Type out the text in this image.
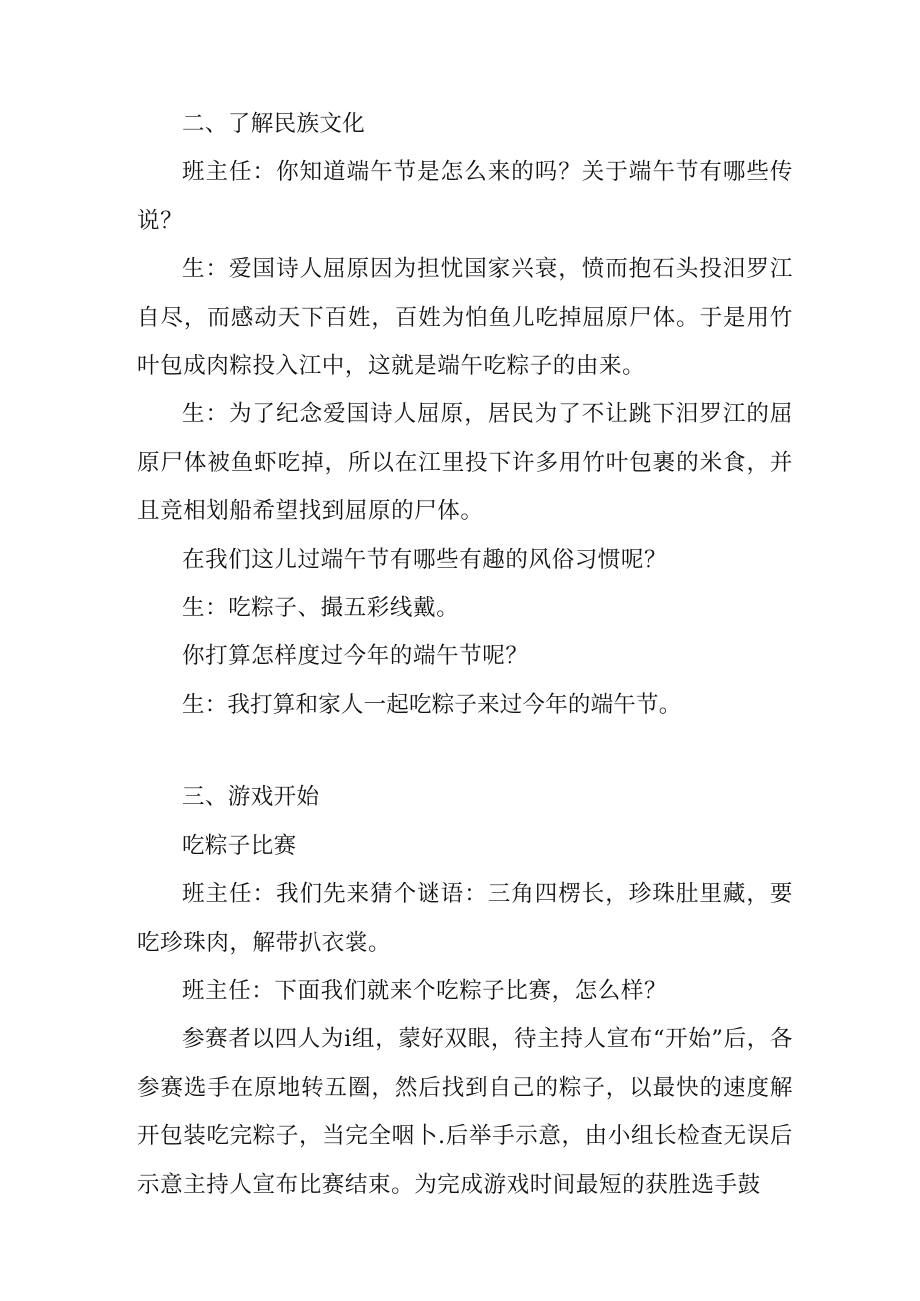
二、了解民族文化

班主任：你知道端午节是怎么来的吗？关于端午节有哪些传说？

生：爱国诗人屈原因为担忧国家兴衰，愤而抱石头投汨罗江自尽，而感动天下百姓，百姓为怕鱼儿吃掉屈原尸体。于是用竹叶包成肉粽投入江中，这就是端午吃粽子的由来。

生：为了纪念爱国诗人屈原，居民为了不让跳下汨罗江的屈原尸体被鱼虾吃掉，所以在江里投下许多用竹叶包裹的米食，并且竞相划船希望找到屈原的尸体。

在我们这儿过端午节有哪些有趣的风俗习惯呢？

生：吃粽子、撮五彩线戴。

你打算怎样度过今年的端午节呢？

生：我打算和家人一起吃粽子来过今年的端午节。

三、游戏开始

吃粽子比赛

班主任：我们先来猜个谜语：三角四楞长，珍珠肚里藏，要吃珍珠肉，解带扒衣裳。

班主任：下面我们就来个吃粽子比赛，怎么样？

参赛者以四人为i组，蒙好双眼，待主持人宣布“开始”后，各参赛选手在原地转五圈，然后找到自己的粽子，以最快的速度解开包装吃完粽子，当完全咽卜.后举手示意，由小组长检查无误后示意主持人宣布比赛结束。为完成游戏时间最短的获胜选手鼓
